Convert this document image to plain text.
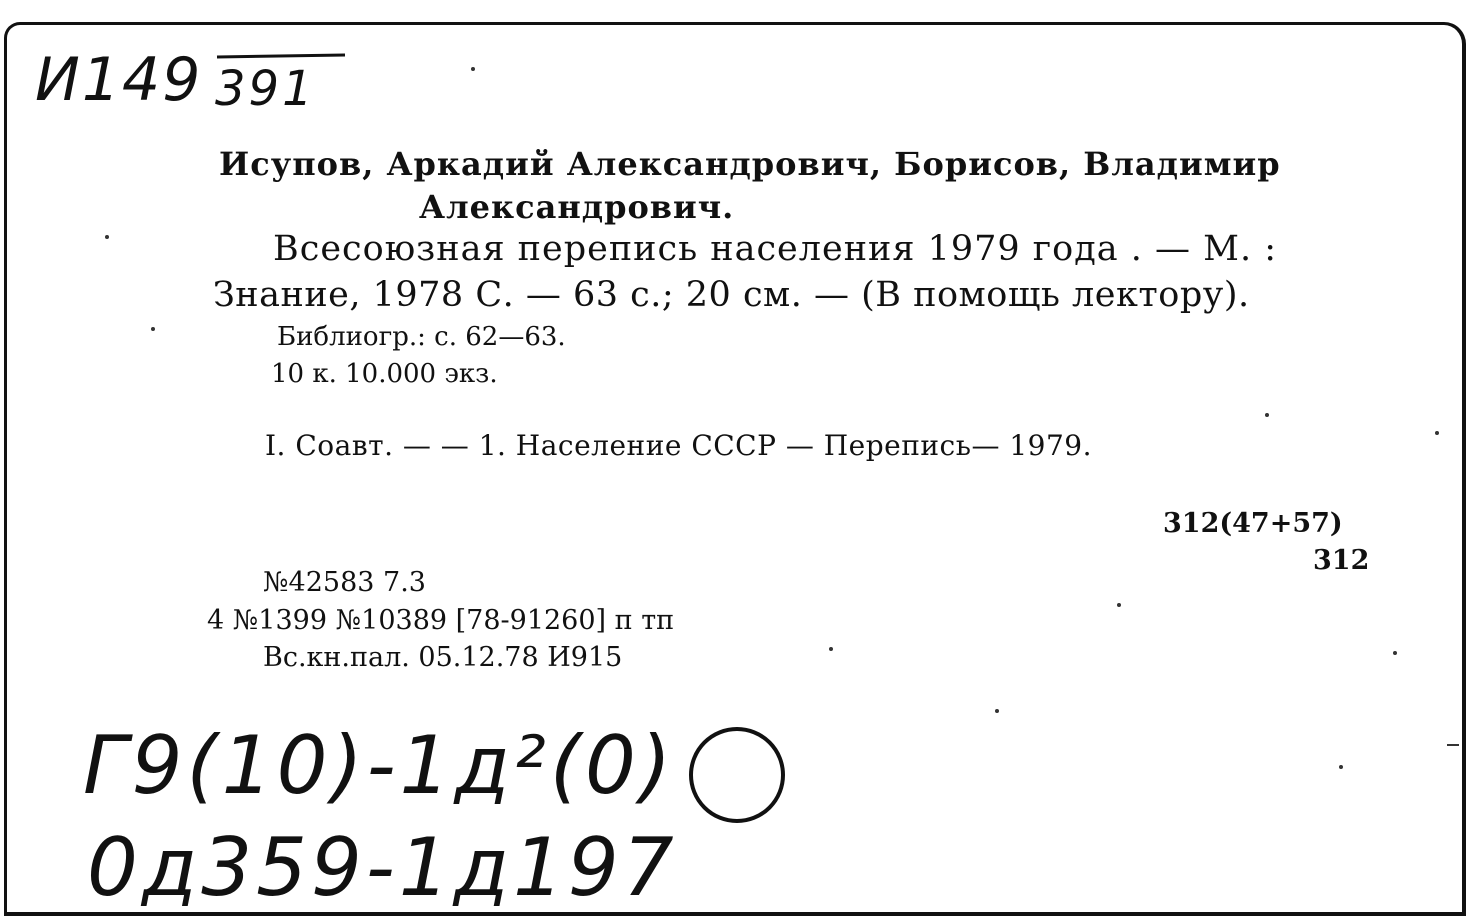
И149 391
Исупов, Аркадий Александрович, Борисов, Владимир
Александрович.
Всесоюзная перепись населения 1979 года . — М. :
Знание, 1978 С. — 63 с.; 20 см. — (В помощь лектору).
Библиогр.: с. 62—63.
10 к. 10.000 экз.
I. Соавт. — — 1. Население СССР — Перепись— 1979.
312(47+57)
312
№42583 7.3
4 №1399 №10389 [78-91260] п тп
Вс.кн.пал. 05.12.78 И915
Г9(10)-1д²(0)
0д359-1д197
